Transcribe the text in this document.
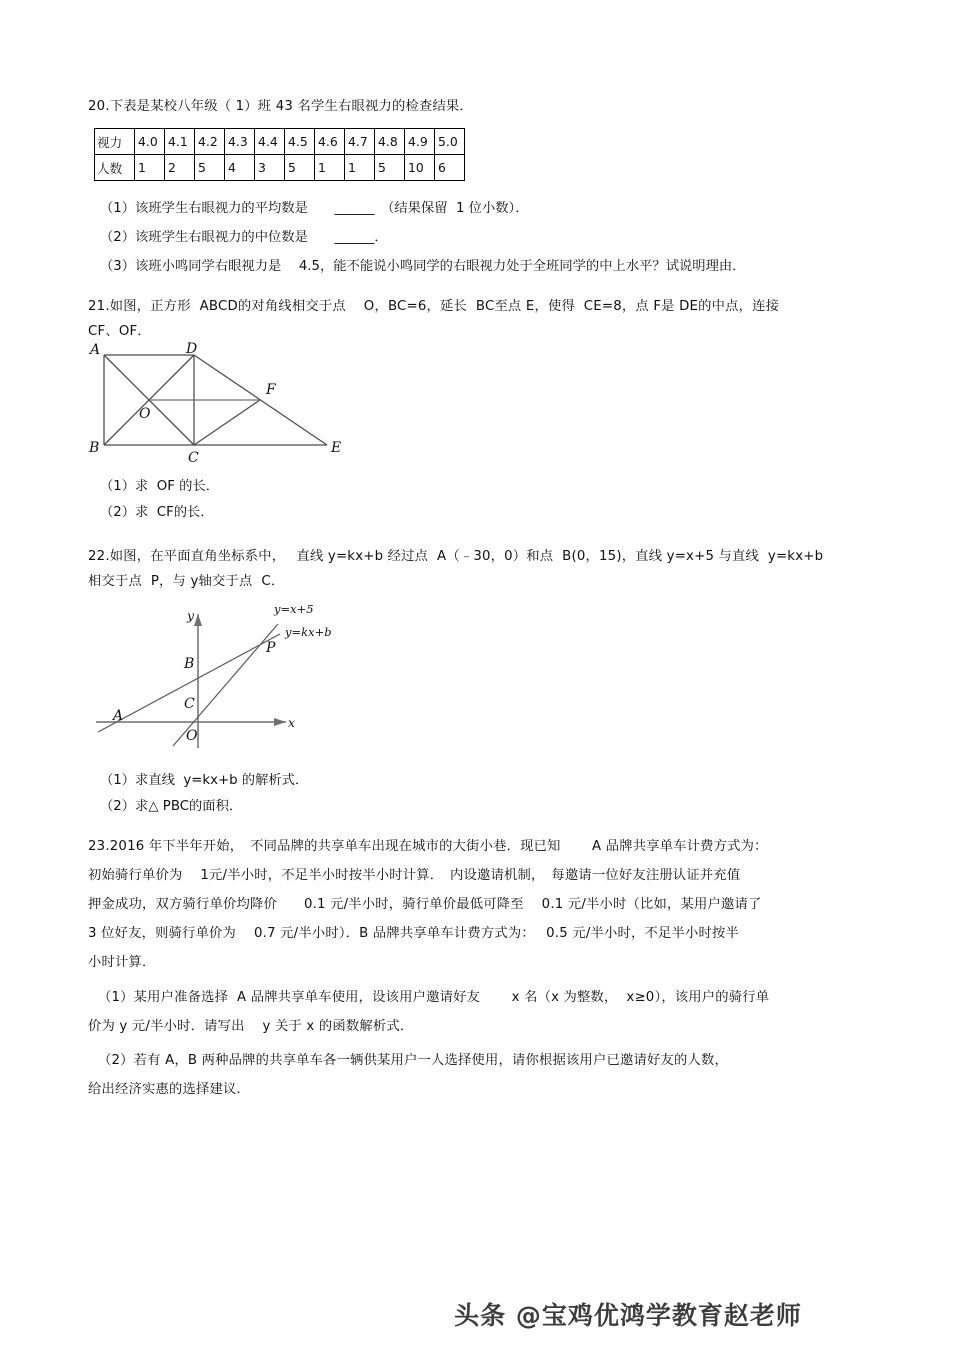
20.下表是某校八年级（ 1）班 43 名学生右眼视力的检查结果．
视力	4.0	4.1	4.2	4.3	4.4	4.5	4.6	4.7	4.8	4.9	5.0
人数	1	2	5	4	3	5	1	1	5	10	6
（1）该班学生右眼视力的平均数是　　______　（结果保留  1 位小数）．
（2）该班学生右眼视力的中位数是　　______．
（3）该班小鸣同学右眼视力是　 4.5，能不能说小鸣同学的右眼视力处于全班同学的中上水平？试说明理由．
21.如图，正方形  ABCD的对角线相交于点　 O，BC=6，延长  BC至点 E，使得  CE=8，点 F是 DE的中点，连接
CF、OF．
A	D
F
O
B
C
E
（1）求  OF 的长．
（2）求  CF的长．
22.如图，在平面直角坐标系中，　 直线 y=kx+b 经过点  A（﹣30，0）和点  B(0，15)，直线 y=x+5 与直线  y=kx+b
相交于点  P，与 y轴交于点  C．
x
y	y=x+5
y=kx+b
A
B
C
O
P
（1）求直线  y=kx+b 的解析式．
（2）求△ PBC的面积．
23.2016 年下半年开始，　不同品牌的共享单车出现在城市的大街小巷．现已知　　 A 品牌共享单车计费方式为：
初始骑行单价为　 1元/半小时，不足半小时按半小时计算．　内设邀请机制，　每邀请一位好友注册认证并充值
押金成功，双方骑行单价均降价　　0.1 元/半小时，骑行单价最低可降至　 0.1 元/半小时（比如，某用户邀请了
3 位好友，则骑行单价为　 0.7 元/半小时）．B 品牌共享单车计费方式为：　 0.5 元/半小时，不足半小时按半
小时计算．
（1）某用户准备选择  A 品牌共享单车使用，设该用户邀请好友　　 x 名（x 为整数，  x≥0），该用户的骑行单
价为 y 元/半小时．请写出　 y 关于 x 的函数解析式．
（2）若有 A，B 两种品牌的共享单车各一辆供某用户一人选择使用，请你根据该用户已邀请好友的人数，
给出经济实惠的选择建议．
头条 @宝鸡优鸿学教育赵老师
